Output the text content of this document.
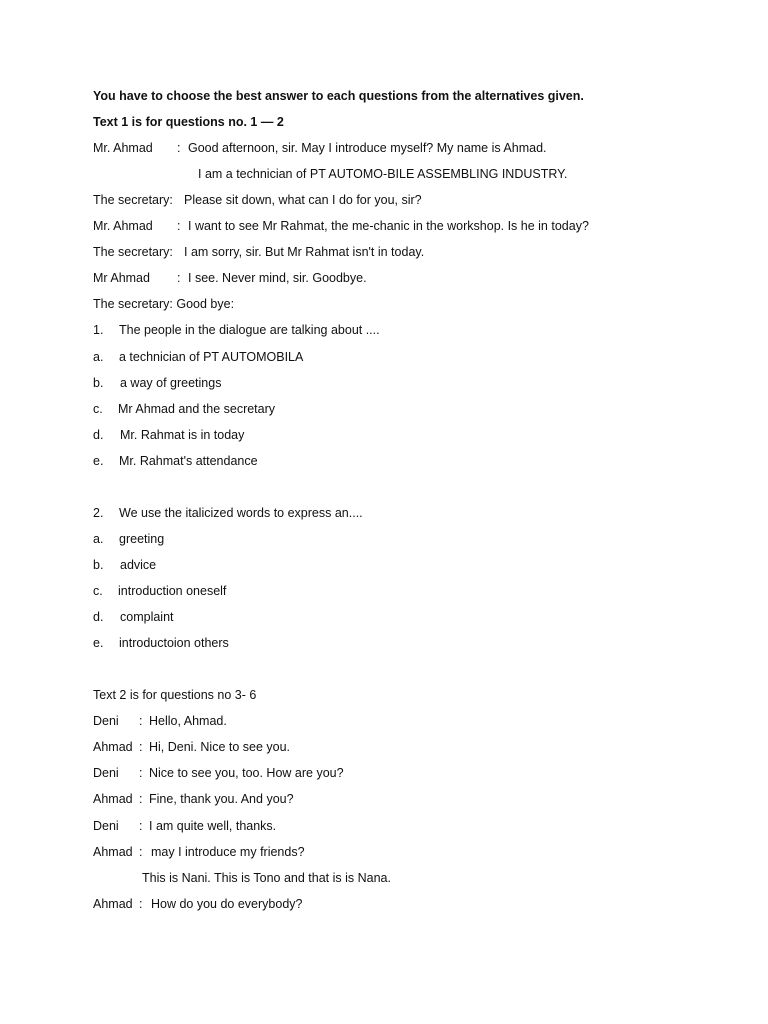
You have to choose the best answer to each questions from the alternatives given.
Text 1 is for questions no. 1 — 2
Mr. Ahmad : Good afternoon, sir. May I introduce myself? My name is Ahmad.
I am a technician of PT AUTOMO-BILE ASSEMBLING INDUSTRY.
The secretary: Please sit down, what can I do for you, sir?
Mr. Ahmad : I want to see Mr Rahmat, the me-chanic in the workshop. Is he in today?
The secretary: I am sorry, sir. But Mr Rahmat isn't in today.
Mr Ahmad : I see. Never mind, sir. Goodbye.
The secretary: Good bye:
1. The people in the dialogue are talking about ....
a. a technician of PT AUTOMOBILA
b. a way of greetings
c. Mr Ahmad and the secretary
d. Mr. Rahmat is in today
e. Mr. Rahmat's attendance
2. We use the italicized words to express an....
a. greeting
b. advice
c. introduction oneself
d. complaint
e. introductoion others
Text 2 is for questions no 3- 6
Deni : Hello, Ahmad.
Ahmad : Hi, Deni. Nice to see you.
Deni : Nice to see you, too. How are you?
Ahmad : Fine, thank you. And you?
Deni : I am quite well, thanks.
Ahmad : may I introduce my friends?
This is Nani. This is Tono and that is is Nana.
Ahmad : How do you do everybody?
